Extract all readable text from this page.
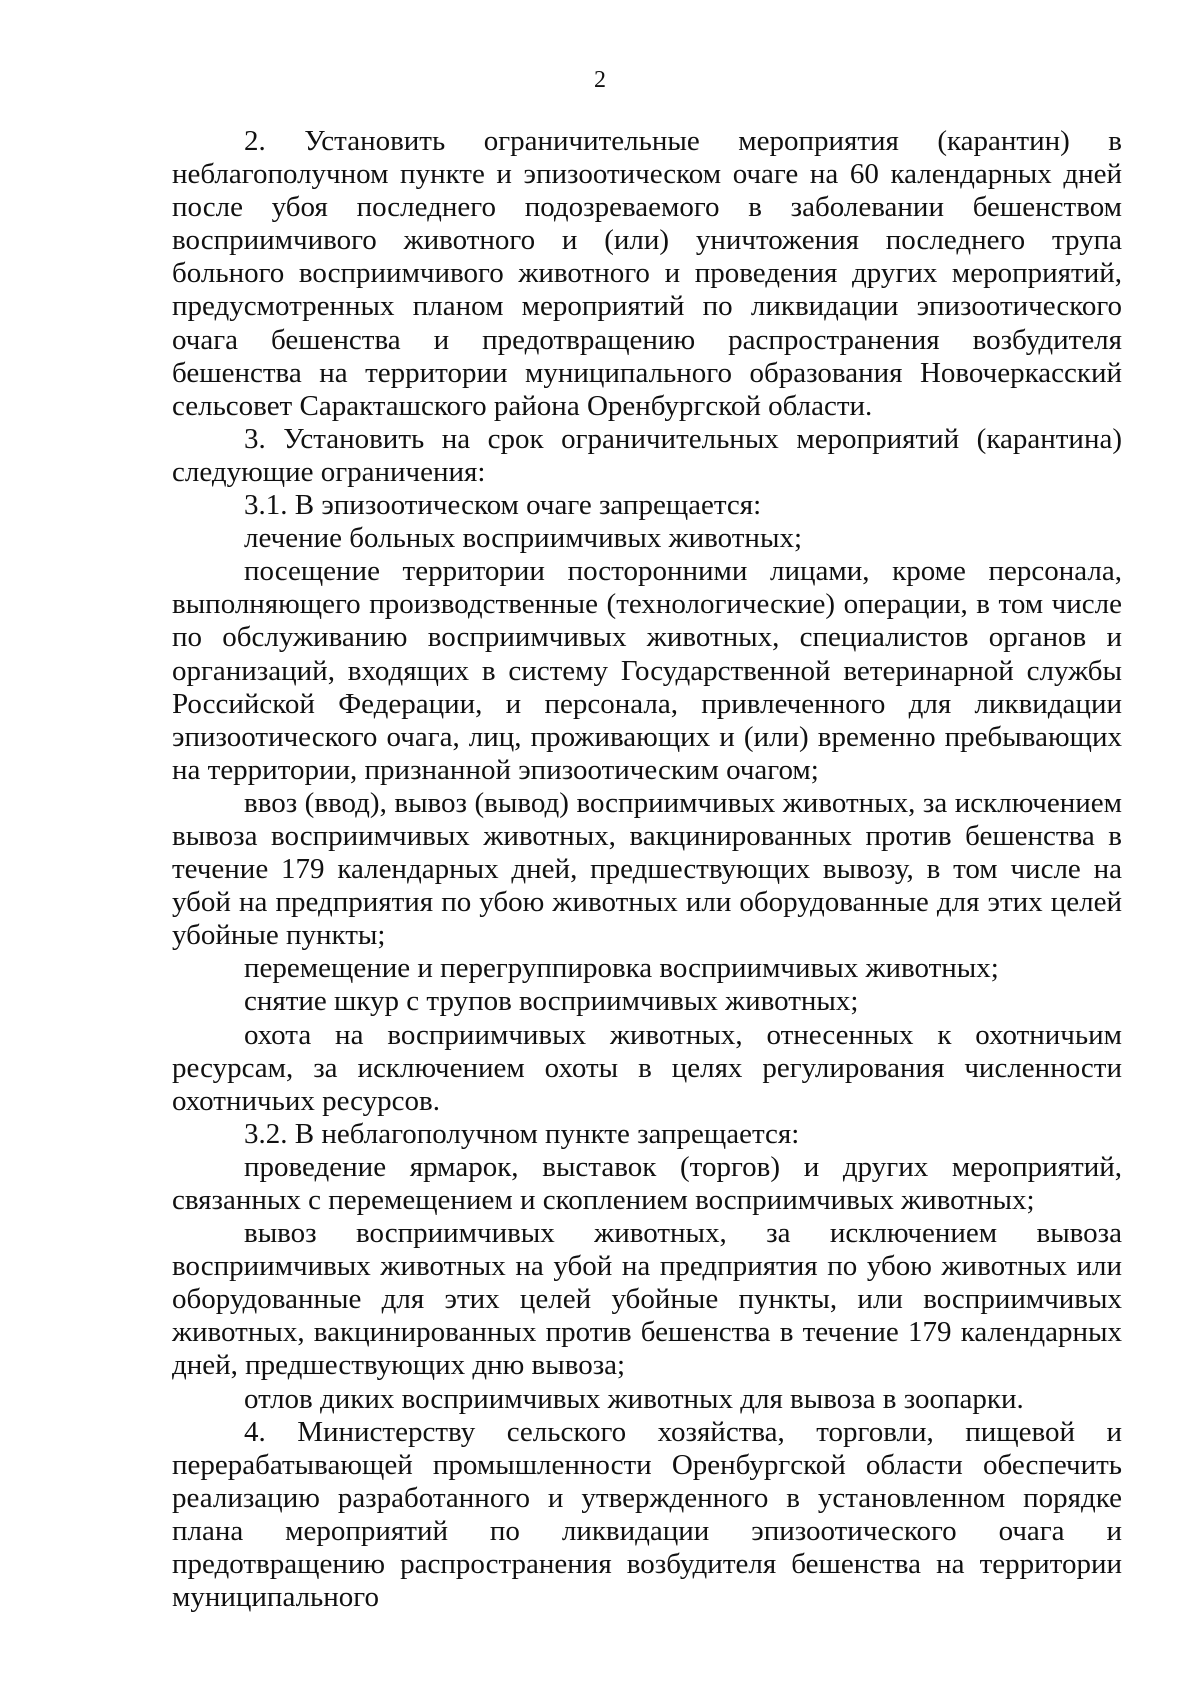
2

2. Установить ограничительные мероприятия (карантин) в неблагополучном пункте и эпизоотическом очаге на 60 календарных дней после убоя последнего подозреваемого в заболевании бешенством восприимчивого животного и (или) уничтожения последнего трупа больного восприимчивого животного и проведения других мероприятий, предусмотренных планом мероприятий по ликвидации эпизоотического очага бешенства и предотвращению распространения возбудителя бешенства на территории муниципального образования Новочеркасский сельсовет Саракташского района Оренбургской области.

3. Установить на срок ограничительных мероприятий (карантина) следующие ограничения:

3.1. В эпизоотическом очаге запрещается:

лечение больных восприимчивых животных;

посещение территории посторонними лицами, кроме персонала, выполняющего производственные (технологические) операции, в том числе по обслуживанию восприимчивых животных, специалистов органов и организаций, входящих в систему Государственной ветеринарной службы Российской Федерации, и персонала, привлеченного для ликвидации эпизоотического очага, лиц, проживающих и (или) временно пребывающих на территории, признанной эпизоотическим очагом;

ввоз (ввод), вывоз (вывод) восприимчивых животных, за исключением вывоза восприимчивых животных, вакцинированных против бешенства в течение 179 календарных дней, предшествующих вывозу, в том числе на убой на предприятия по убою животных или оборудованные для этих целей убойные пункты;

перемещение и перегруппировка восприимчивых животных;

снятие шкур с трупов восприимчивых животных;

охота на восприимчивых животных, отнесенных к охотничьим ресурсам, за исключением охоты в целях регулирования численности охотничьих ресурсов.

3.2. В неблагополучном пункте запрещается:

проведение ярмарок, выставок (торгов) и других мероприятий, связанных с перемещением и скоплением восприимчивых животных;

вывоз восприимчивых животных, за исключением вывоза восприимчивых животных на убой на предприятия по убою животных или оборудованные для этих целей убойные пункты, или восприимчивых животных, вакцинированных против бешенства в течение 179 календарных дней, предшествующих дню вывоза;

отлов диких восприимчивых животных для вывоза в зоопарки.

4. Министерству сельского хозяйства, торговли, пищевой и перерабатывающей промышленности Оренбургской области обеспечить реализацию разработанного и утвержденного в установленном порядке плана мероприятий по ликвидации эпизоотического очага и предотвращению распространения возбудителя бешенства на территории муниципального
